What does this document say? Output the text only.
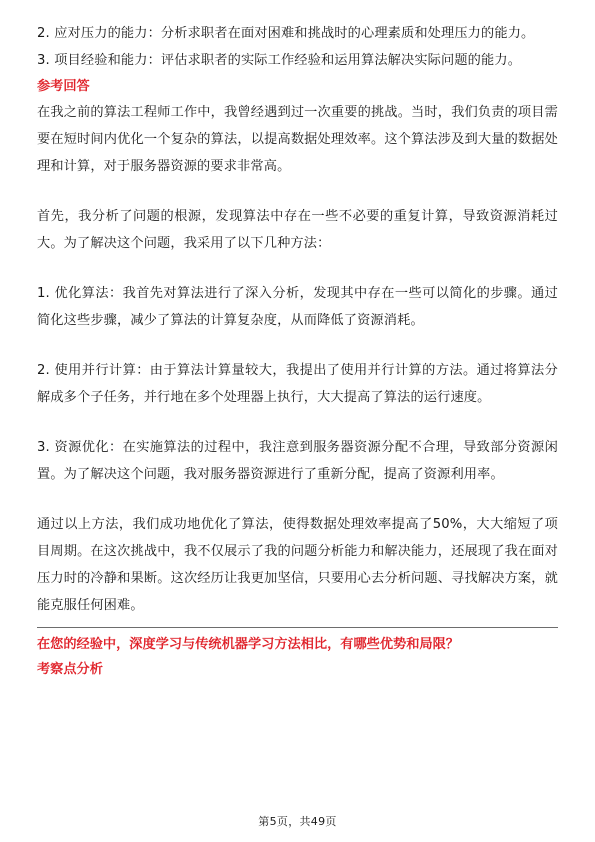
2. 应对压力的能力：分析求职者在面对困难和挑战时的心理素质和处理压力的能力。

3. 项目经验和能力：评估求职者的实际工作经验和运用算法解决实际问题的能力。

参考回答

在我之前的算法工程师工作中，我曾经遇到过一次重要的挑战。当时，我们负责的项目需要在短时间内优化一个复杂的算法，以提高数据处理效率。这个算法涉及到大量的数据处理和计算，对于服务器资源的要求非常高。

首先，我分析了问题的根源，发现算法中存在一些不必要的重复计算，导致资源消耗过大。为了解决这个问题，我采用了以下几种方法：

1. 优化算法：我首先对算法进行了深入分析，发现其中存在一些可以简化的步骤。通过简化这些步骤，减少了算法的计算复杂度，从而降低了资源消耗。

2. 使用并行计算：由于算法计算量较大，我提出了使用并行计算的方法。通过将算法分解成多个子任务，并行地在多个处理器上执行，大大提高了算法的运行速度。

3. 资源优化：在实施算法的过程中，我注意到服务器资源分配不合理，导致部分资源闲置。为了解决这个问题，我对服务器资源进行了重新分配，提高了资源利用率。

通过以上方法，我们成功地优化了算法，使得数据处理效率提高了50%，大大缩短了项目周期。在这次挑战中，我不仅展示了我的问题分析能力和解决能力，还展现了我在面对压力时的冷静和果断。这次经历让我更加坚信，只要用心去分析问题、寻找解决方案，就能克服任何困难。

在您的经验中，深度学习与传统机器学习方法相比，有哪些优势和局限？

考察点分析

第5页，共49页
